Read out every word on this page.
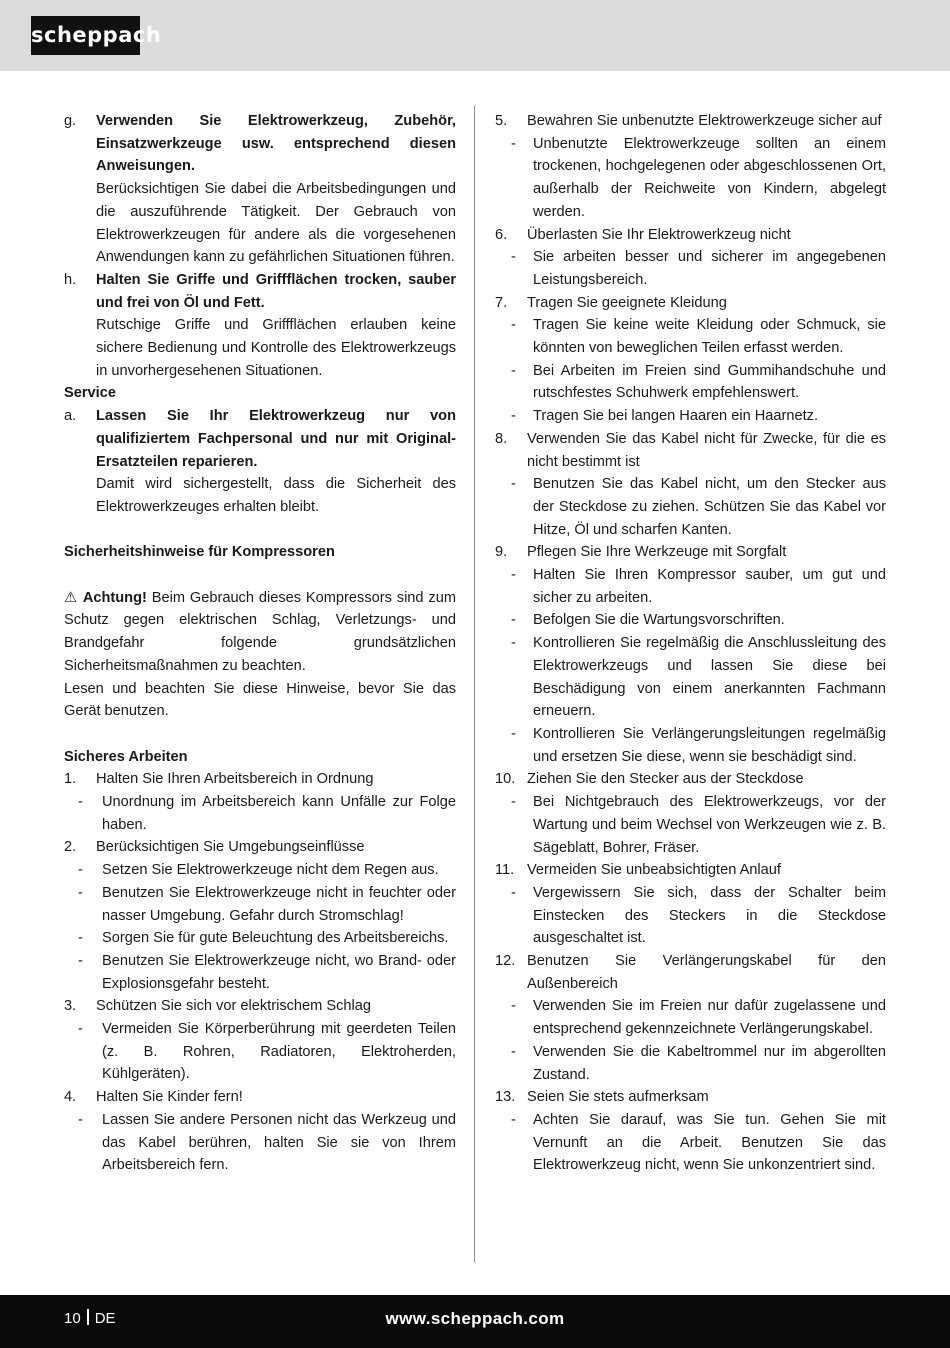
scheppach
g.	Verwenden Sie Elektrowerkzeug, Zubehör, Einsatzwerkzeuge usw. entsprechend diesen Anweisungen.
Berücksichtigen Sie dabei die Arbeitsbedingungen und die auszuführende Tätigkeit. Der Gebrauch von Elektrowerkzeugen für andere als die vorgesehenen Anwendungen kann zu gefährlichen Situationen führen.
h.	Halten Sie Griffe und Griffflächen trocken, sauber und frei von Öl und Fett.
Rutschige Griffe und Griffflächen erlauben keine sichere Bedienung und Kontrolle des Elektrowerkzeugs in unvorhergesehenen Situationen.
Service
a.	Lassen Sie Ihr Elektrowerkzeug nur von qualifiziertem Fachpersonal und nur mit Original-Ersatzteilen reparieren.
Damit wird sichergestellt, dass die Sicherheit des Elektrowerkzeuges erhalten bleibt.
Sicherheitshinweise für Kompressoren
⚠ Achtung! Beim Gebrauch dieses Kompressors sind zum Schutz gegen elektrischen Schlag, Verletzungs- und Brandgefahr folgende grundsätzlichen Sicherheitsmaßnahmen zu beachten.
Lesen und beachten Sie diese Hinweise, bevor Sie das Gerät benutzen.
Sicheres Arbeiten
1.	Halten Sie Ihren Arbeitsbereich in Ordnung
-	Unordnung im Arbeitsbereich kann Unfälle zur Folge haben.
2.	Berücksichtigen Sie Umgebungseinflüsse
-	Setzen Sie Elektrowerkzeuge nicht dem Regen aus.
-	Benutzen Sie Elektrowerkzeuge nicht in feuchter oder nasser Umgebung. Gefahr durch Stromschlag!
-	Sorgen Sie für gute Beleuchtung des Arbeitsbereichs.
-	Benutzen Sie Elektrowerkzeuge nicht, wo Brand- oder Explosionsgefahr besteht.
3.	Schützen Sie sich vor elektrischem Schlag
-	Vermeiden Sie Körperberührung mit geerdeten Teilen (z. B. Rohren, Radiatoren, Elektroherden, Kühlgeräten).
4.	Halten Sie Kinder fern!
-	Lassen Sie andere Personen nicht das Werkzeug und das Kabel berühren, halten Sie sie von Ihrem Arbeitsbereich fern.
5.	Bewahren Sie unbenutzte Elektrowerkzeuge sicher auf
-	Unbenutzte Elektrowerkzeuge sollten an einem trockenen, hochgelegenen oder abgeschlossenen Ort, außerhalb der Reichweite von Kindern, abgelegt werden.
6.	Überlasten Sie Ihr Elektrowerkzeug nicht
-	Sie arbeiten besser und sicherer im angegebenen Leistungsbereich.
7.	Tragen Sie geeignete Kleidung
-	Tragen Sie keine weite Kleidung oder Schmuck, sie könnten von beweglichen Teilen erfasst werden.
-	Bei Arbeiten im Freien sind Gummihandschuhe und rutschfestes Schuhwerk empfehlenswert.
-	Tragen Sie bei langen Haaren ein Haarnetz.
8.	Verwenden Sie das Kabel nicht für Zwecke, für die es nicht bestimmt ist
-	Benutzen Sie das Kabel nicht, um den Stecker aus der Steckdose zu ziehen. Schützen Sie das Kabel vor Hitze, Öl und scharfen Kanten.
9.	Pflegen Sie Ihre Werkzeuge mit Sorgfalt
-	Halten Sie Ihren Kompressor sauber, um gut und sicher zu arbeiten.
-	Befolgen Sie die Wartungsvorschriften.
-	Kontrollieren Sie regelmäßig die Anschlussleitung des Elektrowerkzeugs und lassen Sie diese bei Beschädigung von einem anerkannten Fachmann erneuern.
-	Kontrollieren Sie Verlängerungsleitungen regelmäßig und ersetzen Sie diese, wenn sie beschädigt sind.
10. Ziehen Sie den Stecker aus der Steckdose
-	Bei Nichtgebrauch des Elektrowerkzeugs, vor der Wartung und beim Wechsel von Werkzeugen wie z. B. Sägeblatt, Bohrer, Fräser.
11. Vermeiden Sie unbeabsichtigten Anlauf
-	Vergewissern Sie sich, dass der Schalter beim Einstecken des Steckers in die Steckdose ausgeschaltet ist.
12. Benutzen Sie Verlängerungskabel für den Außenbereich
-	Verwenden Sie im Freien nur dafür zugelassene und entsprechend gekennzeichnete Verlängerungskabel.
-	Verwenden Sie die Kabeltrommel nur im abgerollten Zustand.
13. Seien Sie stets aufmerksam
-	Achten Sie darauf, was Sie tun. Gehen Sie mit Vernunft an die Arbeit. Benutzen Sie das Elektrowerkzeug nicht, wenn Sie unkonzentriert sind.
10 DE	www.scheppach.com
